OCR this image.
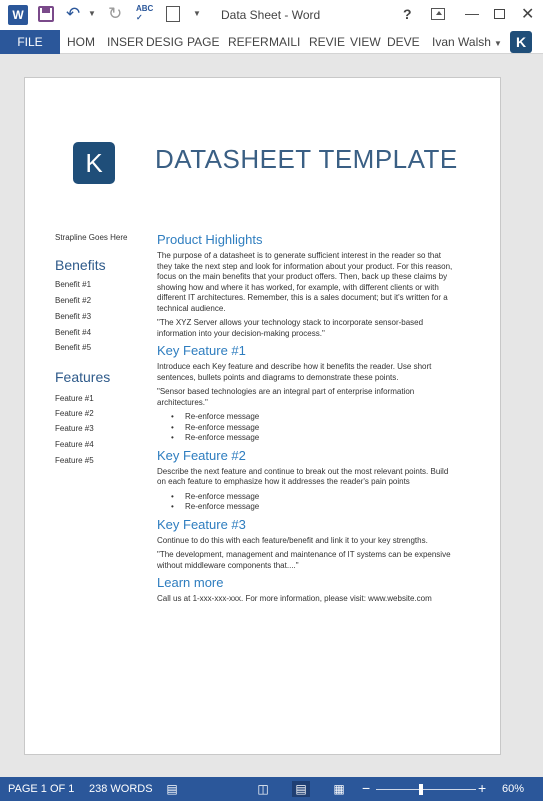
W ↶ ▼ ↻ ABC
✓	▼ Data Sheet - Word	?	—	✕
FILE	HOM INSER DESIG PAGE REFER MAILI REVIE VIEW DEVE Ivan Walsh ▼	K
K	DATASHEET TEMPLATE
Strapline Goes Here
Benefits
Benefit #1
Benefit #2
Benefit #3
Benefit #4
Benefit #5
Features
Feature #1
Feature #2
Feature #3
Feature #4
Feature #5
Product Highlights
The purpose of a datasheet is to generate sufficient interest in the reader so that they take the next step and look for information about your product. For this reason, focus on the main benefits that your product offers. Then, back up these claims by showing how and where it has worked, for example, with different clients or with different IT architectures. Remember, this is a sales document; but it's written for a technical audience.
"The XYZ Server allows your technology stack to incorporate sensor-based information into your decision-making process."
Key Feature #1
Introduce each Key feature and describe how it benefits the reader. Use short sentences, bullets points and diagrams to demonstrate these points.
"Sensor based technologies are an integral part of enterprise information architectures."
• Re-enforce message
• Re-enforce message
• Re-enforce message
Key Feature #2
Describe the next feature and continue to break out the most relevant points. Build on each feature to emphasize how it addresses the reader's pain points
• Re-enforce message
• Re-enforce message
Key Feature #3
Continue to do this with each feature/benefit and link it to your key strengths.
"The development, management and maintenance of IT systems can be expensive without middleware components that...."
Learn more
Call us at 1-xxx-xxx-xxx. For more information, please visit: www.website.com
PAGE 1 OF 1 238 WORDS ▤	◫ ▤ ▦ −	+ 60%
